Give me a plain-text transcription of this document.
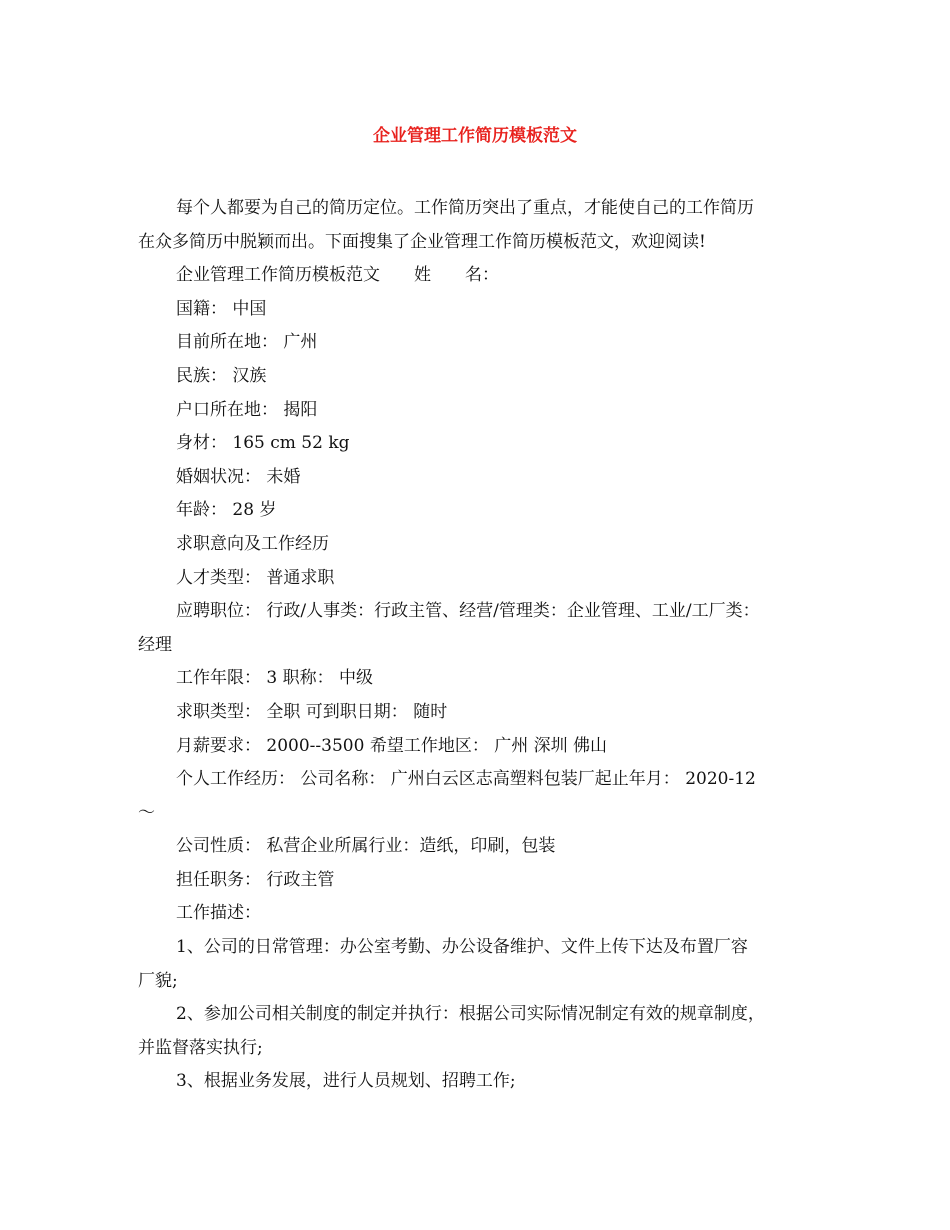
企业管理工作简历模板范文

每个人都要为自己的简历定位。工作简历突出了重点，才能使自己的工作简历

在众多简历中脱颖而出。下面搜集了企业管理工作简历模板范文，欢迎阅读!

企业管理工作简历模板范文　　姓　　名：

国籍： 中国

目前所在地： 广州

民族： 汉族

户口所在地： 揭阳

身材： 165 cm 52 kg

婚姻状况： 未婚

年龄： 28 岁

求职意向及工作经历

人才类型： 普通求职

应聘职位： 行政/人事类：行政主管、经营/管理类：企业管理、工业/工厂类：

经理

工作年限： 3 职称： 中级

求职类型： 全职 可到职日期： 随时

月薪要求： 2000--3500 希望工作地区： 广州 深圳 佛山

个人工作经历： 公司名称： 广州白云区志高塑料包装厂起止年月： 2020-12

～

公司性质： 私营企业所属行业：造纸，印刷，包装

担任职务： 行政主管

工作描述：

1、公司的日常管理：办公室考勤、办公设备维护、文件上传下达及布置厂容

厂貌;

2、参加公司相关制度的制定并执行：根据公司实际情况制定有效的规章制度，

并监督落实执行;

3、根据业务发展，进行人员规划、招聘工作;
